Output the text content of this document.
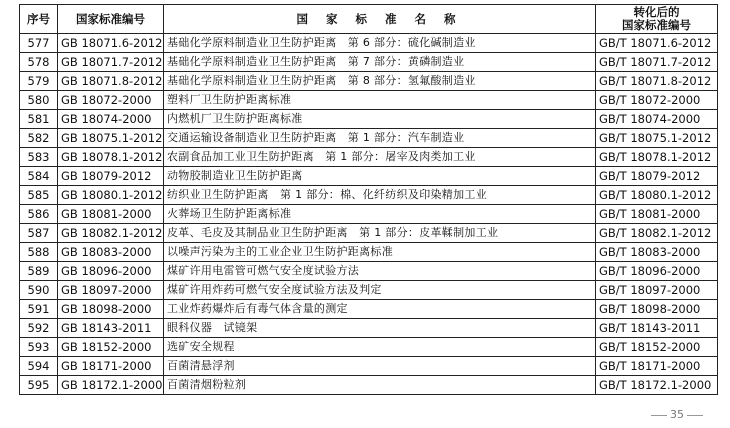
序号	国家标准编号	国 家 标 准 名 称	转化后的
国家标准编号

577	GB 18071.6-2012	基础化学原料制造业卫生防护距离　第 6 部分：硫化碱制造业	GB/T 18071.6-2012
578	GB 18071.7-2012	基础化学原料制造业卫生防护距离　第 7 部分：黄磷制造业	GB/T 18071.7-2012
579	GB 18071.8-2012	基础化学原料制造业卫生防护距离　第 8 部分：氢氟酸制造业	GB/T 18071.8-2012
580	GB 18072-2000	塑料厂卫生防护距离标准	GB/T 18072-2000
581	GB 18074-2000	内燃机厂卫生防护距离标准	GB/T 18074-2000
582	GB 18075.1-2012	交通运输设备制造业卫生防护距离　第 1 部分：汽车制造业	GB/T 18075.1-2012
583	GB 18078.1-2012	农副食品加工业卫生防护距离　第 1 部分：屠宰及肉类加工业	GB/T 18078.1-2012
584	GB 18079-2012	动物胶制造业卫生防护距离	GB/T 18079-2012
585	GB 18080.1-2012	纺织业卫生防护距离　第 1 部分：棉、化纤纺织及印染精加工业	GB/T 18080.1-2012
586	GB 18081-2000	火葬场卫生防护距离标准	GB/T 18081-2000
587	GB 18082.1-2012	皮革、毛皮及其制品业卫生防护距离　第 1 部分：皮革鞣制加工业	GB/T 18082.1-2012
588	GB 18083-2000	以噪声污染为主的工业企业卫生防护距离标准	GB/T 18083-2000
589	GB 18096-2000	煤矿许用电雷管可燃气安全度试验方法	GB/T 18096-2000
590	GB 18097-2000	煤矿许用炸药可燃气安全度试验方法及判定	GB/T 18097-2000
591	GB 18098-2000	工业炸药爆炸后有毒气体含量的测定	GB/T 18098-2000
592	GB 18143-2011	眼科仪器　试镜架	GB/T 18143-2011
593	GB 18152-2000	选矿安全规程	GB/T 18152-2000
594	GB 18171-2000	百菌清悬浮剂	GB/T 18171-2000
595	GB 18172.1-2000	百菌清烟粉粒剂	GB/T 18172.1-2000
35
